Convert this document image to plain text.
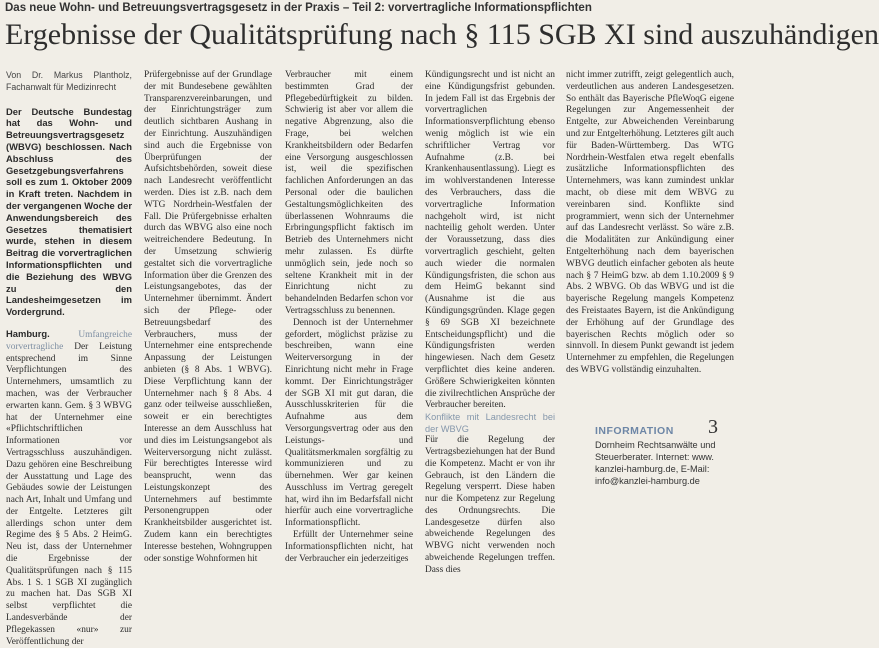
Das neue Wohn- und Betreuungsvertragsgesetz in der Praxis – Teil 2: vorvertragliche Informationspflichten
Ergebnisse der Qualitätsprüfung nach § 115 SGB XI sind auszuhändigen

Von Dr. Markus Plantholz, Fachanwalt für Medizinrecht

Der Deutsche Bundestag hat das Wohn- und Betreuungsvertragsgesetz (WBVG) beschlossen. Nach Abschluss des Gesetzgebungsverfahrens soll es zum 1. Oktober 2009 in Kraft treten. Nachdem in der vergangenen Woche der Anwendungsbereich des Gesetzes thematisiert wurde, stehen in diesem Beitrag die vorvertraglichen Informationspflichten und die Beziehung des WBVG zu den Landesheimgesetzen im Vordergrund.

Hamburg.	Umfangreiche vorvertragliche Der Leistung entsprechend im Sinne Verpflichtungen des Unternehmers, umsamtlich zu machen, was der Verbraucher erwarten kann. Gem. § 3 WBVG hat der Unternehmer eine «Pflichtschriftlichen Informationen vor Vertragsschluss auszuhändigen. Dazu gehören eine Beschreibung der Ausstattung und Lage des Gebäudes sowie der Leistungen nach Art, Inhalt und Umfang und der Entgelte. Letzteres gilt allerdings schon unter dem Regime des § 5 Abs. 2 HeimG. Neu ist, dass der Unternehmer die Ergebnisse der Qualitätsprüfungen nach § 115 Abs. 1 S. 1 SGB XI zugänglich zu machen hat. Das SGB XI selbst verpflichtet die Landesverbände der Pflegekassen «nur» zur Veröffentlichung der

Prüfergebnisse auf der Grundlage der mit Bundesebene gewählten Transparenzvereinbarungen, und der Einrichtungsträger zum deutlich sichtbaren Aushang in der Einrichtung. Auszuhändigen sind auch die Ergebnisse von Überprüfungen der Aufsichtsbehörden, soweit diese nach Landesrecht veröffentlicht werden. Dies ist z.B. nach dem WTG Nordrhein-Westfalen der Fall. Die Prüfergebnisse erhalten durch das WBVG also eine noch weitreichendere Bedeutung. In der Umsetzung schwierig gestaltet sich die vorvertragliche Information über die Grenzen des Leistungsangebotes, das der Unternehmer übernimmt. Ändert sich der Pflege- oder Betreuungsbedarf des Verbrauchers, muss der Unternehmer eine entsprechende Anpassung der Leistungen anbieten (§ 8 Abs. 1 WBVG). Diese Verpflichtung kann der Unternehmer nach § 8 Abs. 4 ganz oder teilweise ausschließen, soweit er ein berechtigtes Interesse an dem Ausschluss hat und dies im Leistungsangebot als Weiterversorgung nicht zulässt. Für berechtigtes Interesse wird beansprucht, wenn das Leistungskonzept des Unternehmers auf bestimmte Personengruppen oder Krankheitsbilder ausgerichtet ist. Zudem kann ein berechtigtes Interesse bestehen, Wohngruppen oder sonstige Wohnformen hit

Verbraucher mit einem bestimmten Grad der Pflegebedürftigkeit zu bilden. Schwierig ist aber vor allem die negative Abgrenzung, also die Frage, bei welchen Krankheitsbildern oder Bedarfen eine Versorgung ausgeschlossen ist, weil die spezifischen fachlichen Anforderungen an das Personal oder die baulichen Gestaltungsmöglichkeiten des überlassenen Wohnraums die Erbringungspflicht faktisch im Betrieb des Unternehmers nicht mehr zulassen. Es dürfte unmöglich sein, jede noch so seltene Krankheit mit in der Einrichtung nicht zu behandelnden Bedarfen schon vor Vertragsschluss zu benennen.

Dennoch ist der Unternehmer gefordert, möglichst präzise zu beschreiben, wann eine Weiterversorgung in der Einrichtung nicht mehr in Frage kommt. Der Einrichtungsträger der SGB XI mit gut daran, die Ausschlusskriterien für die Aufnahme aus dem Versorgungsvertrag oder aus den Leistungs- und Qualitätsmerkmalen sorgfältig zu kommunizieren und zu übernehmen. Wer gar keinen Ausschluss im Vertrag geregelt hat, wird ihn im Bedarfsfall nicht hierfür auch eine vorvertragliche Informationspflicht.

Erfüllt der Unternehmer seine Informationspflichten nicht, hat der Verbraucher ein jederzeitiges

Kündigungsrecht und ist nicht an eine Kündigungsfrist gebunden. In jedem Fall ist das Ergebnis der vorvertraglichen Informationsverpflichtung ebenso wenig möglich ist wie ein schriftlicher Vertrag vor Aufnahme (z.B. bei Krankenhausentlassung). Liegt es im wohlverstandenen Interesse des Verbrauchers, dass die vorvertragliche Information nachgeholt wird, ist nicht nachteilig geholt werden. Unter der Voraussetzung, dass dies vorvertraglich geschieht, gelten auch wieder die normalen Kündigungsfristen, die schon aus dem HeimG bekannt sind (Ausnahme ist die aus Kündigungsgründen. Klage gegen § 69 SGB XI bezeichnete Entscheidungspflicht) und die Kündigungsfristen werden hingewiesen. Nach dem Gesetz verpflichtet dies keine anderen. Größere Schwierigkeiten könnten die zivilrechtlichen Ansprüche der Verbraucher bereiten.

Konflikte mit Landesrecht bei der WBVG

Für die Regelung der Vertragsbeziehungen hat der Bund die Kompetenz. Macht er von ihr Gebrauch, ist den Ländern die Regelung versperrt. Diese haben nur die Kompetenz zur Regelung des Ordnungsrechts. Die Landesgesetze dürfen also abweichende Regelungen des WBVG nicht verwenden noch abweichende Regelungen treffen. Dass dies

nicht immer zutrifft, zeigt gelegentlich auch, verdeutlichen aus anderen Landesgesetzen. So enthält das Bayerische PfleWoqG eigene Regelungen zur Angemessenheit der Entgelte, zur Abweichenden Vereinbarung und zur Entgelterhöhung. Letzteres gilt auch für Baden-Württemberg. Das WTG Nordrhein-Westfalen etwa regelt ebenfalls zusätzliche Informationspflichten des Unternehmers, was kann zumindest unklar macht, ob diese mit dem WBVG zu vereinbaren sind. Konflikte sind programmiert, wenn sich der Unternehmer auf das Landesrecht verlässt. So wäre z.B. die Modalitäten zur Ankündigung einer Entgelterhöhung nach dem bayerischen WBVG deutlich einfacher geboten als heute nach § 7 HeimG bzw. ab dem 1.10.2009 § 9 Abs. 2 WBVG. Ob das WBVG und ist die bayerische Regelung mangels Kompetenz des Freistaates Bayern, ist die Ankündigung der Erhöhung auf der Grundlage des bayerischen Rechts möglich oder so sinnvoll. In diesem Punkt gewandt ist jedem Unternehmer zu empfehlen, die Regelungen des WBVG vollständig einzuhalten.

3
INFORMATION
Dornheim Rechtsanwälte und
Steuerberater. Internet: www.
kanzlei-hamburg.de, E-Mail:
info@kanzlei-hamburg.de
